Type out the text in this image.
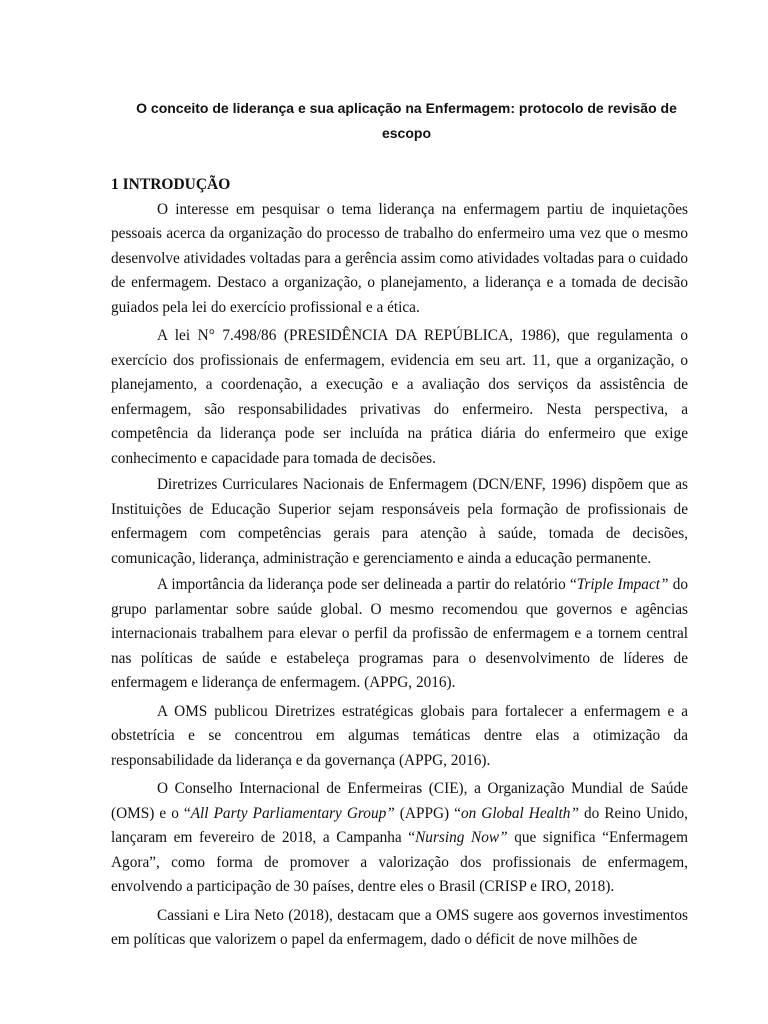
O conceito de liderança e sua aplicação na Enfermagem: protocolo de revisão de escopo
1 INTRODUÇÃO

O interesse em pesquisar o tema liderança na enfermagem partiu de inquietações pessoais acerca da organização do processo de trabalho do enfermeiro uma vez que o mesmo desenvolve atividades voltadas para a gerência assim como atividades voltadas para o cuidado de enfermagem. Destaco a organização, o planejamento, a liderança e a tomada de decisão guiados pela lei do exercício profissional e a ética.

A lei N° 7.498/86 (PRESIDÊNCIA DA REPÚBLICA, 1986), que regulamenta o exercício dos profissionais de enfermagem, evidencia em seu art. 11, que a organização, o planejamento, a coordenação, a execução e a avaliação dos serviços da assistência de enfermagem, são responsabilidades privativas do enfermeiro. Nesta perspectiva, a competência da liderança pode ser incluída na prática diária do enfermeiro que exige conhecimento e capacidade para tomada de decisões.

Diretrizes Curriculares Nacionais de Enfermagem (DCN/ENF, 1996) dispõem que as Instituições de Educação Superior sejam responsáveis pela formação de profissionais de enfermagem com competências gerais para atenção à saúde, tomada de decisões, comunicação, liderança, administração e gerenciamento e ainda a educação permanente.

A importância da liderança pode ser delineada a partir do relatório “Triple Impact” do grupo parlamentar sobre saúde global. O mesmo recomendou que governos e agências internacionais trabalhem para elevar o perfil da profissão de enfermagem e a tornem central nas políticas de saúde e estabeleça programas para o desenvolvimento de líderes de enfermagem e liderança de enfermagem. (APPG, 2016).

A OMS publicou Diretrizes estratégicas globais para fortalecer a enfermagem e a obstetrícia e se concentrou em algumas temáticas dentre elas a otimização da responsabilidade da liderança e da governança (APPG, 2016).

O Conselho Internacional de Enfermeiras (CIE), a Organização Mundial de Saúde (OMS) e o “All Party Parliamentary Group” (APPG) “on Global Health” do Reino Unido, lançaram em fevereiro de 2018, a Campanha “Nursing Now” que significa “Enfermagem Agora”, como forma de promover a valorização dos profissionais de enfermagem, envolvendo a participação de 30 países, dentre eles o Brasil (CRISP e IRO, 2018).

Cassiani e Lira Neto (2018), destacam que a OMS sugere aos governos investimentos em políticas que valorizem o papel da enfermagem, dado o déficit de nove milhões de
